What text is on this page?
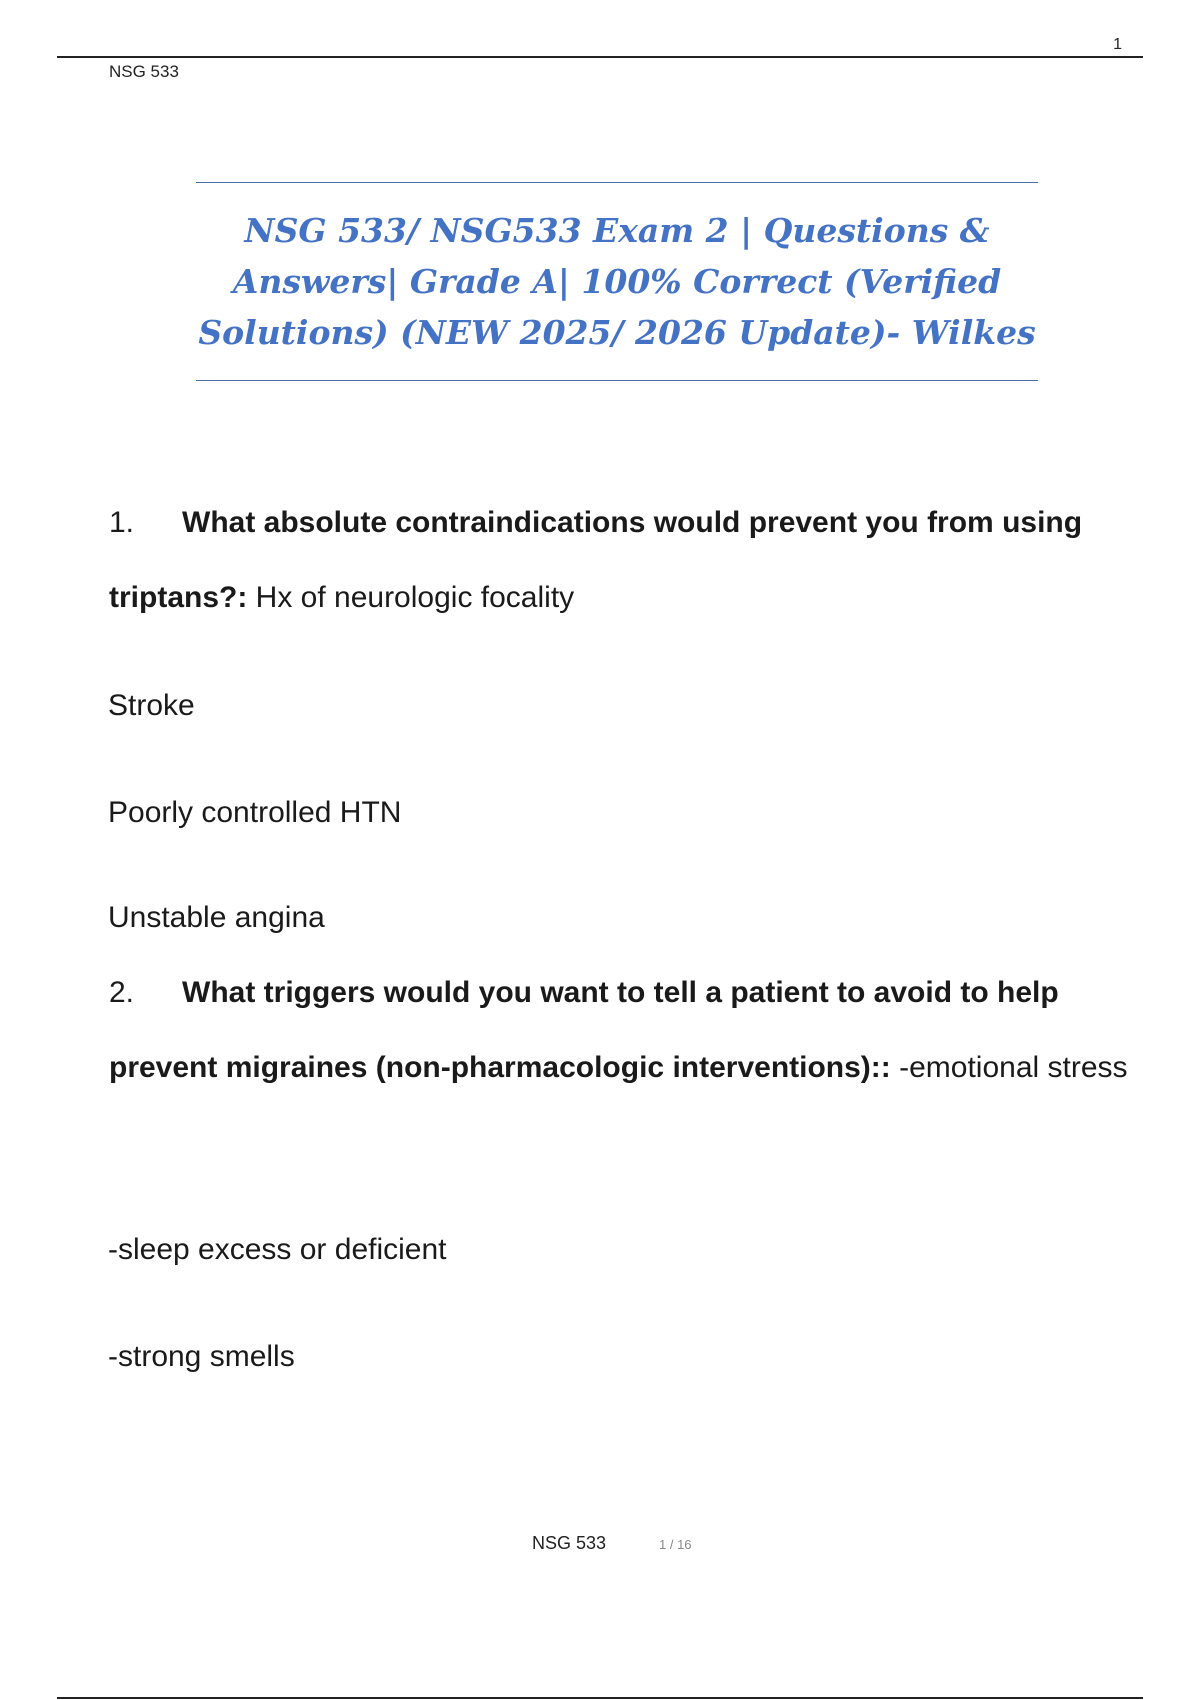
1
NSG 533

NSG 533/ NSG533 Exam 2 | Questions &

Answers| Grade A| 100% Correct (Verified

Solutions) (NEW 2025/ 2026 Update)- Wilkes

1. What absolute contraindications would prevent you from using triptans?: Hx of neurologic focality
Stroke
Poorly controlled HTN
Unstable angina
2. What triggers would you want to tell a patient to avoid to help prevent migraines (non-pharmacologic interventions):: -emotional stress
-sleep excess or deficient
-strong smells
NSG 533	1 / 16
